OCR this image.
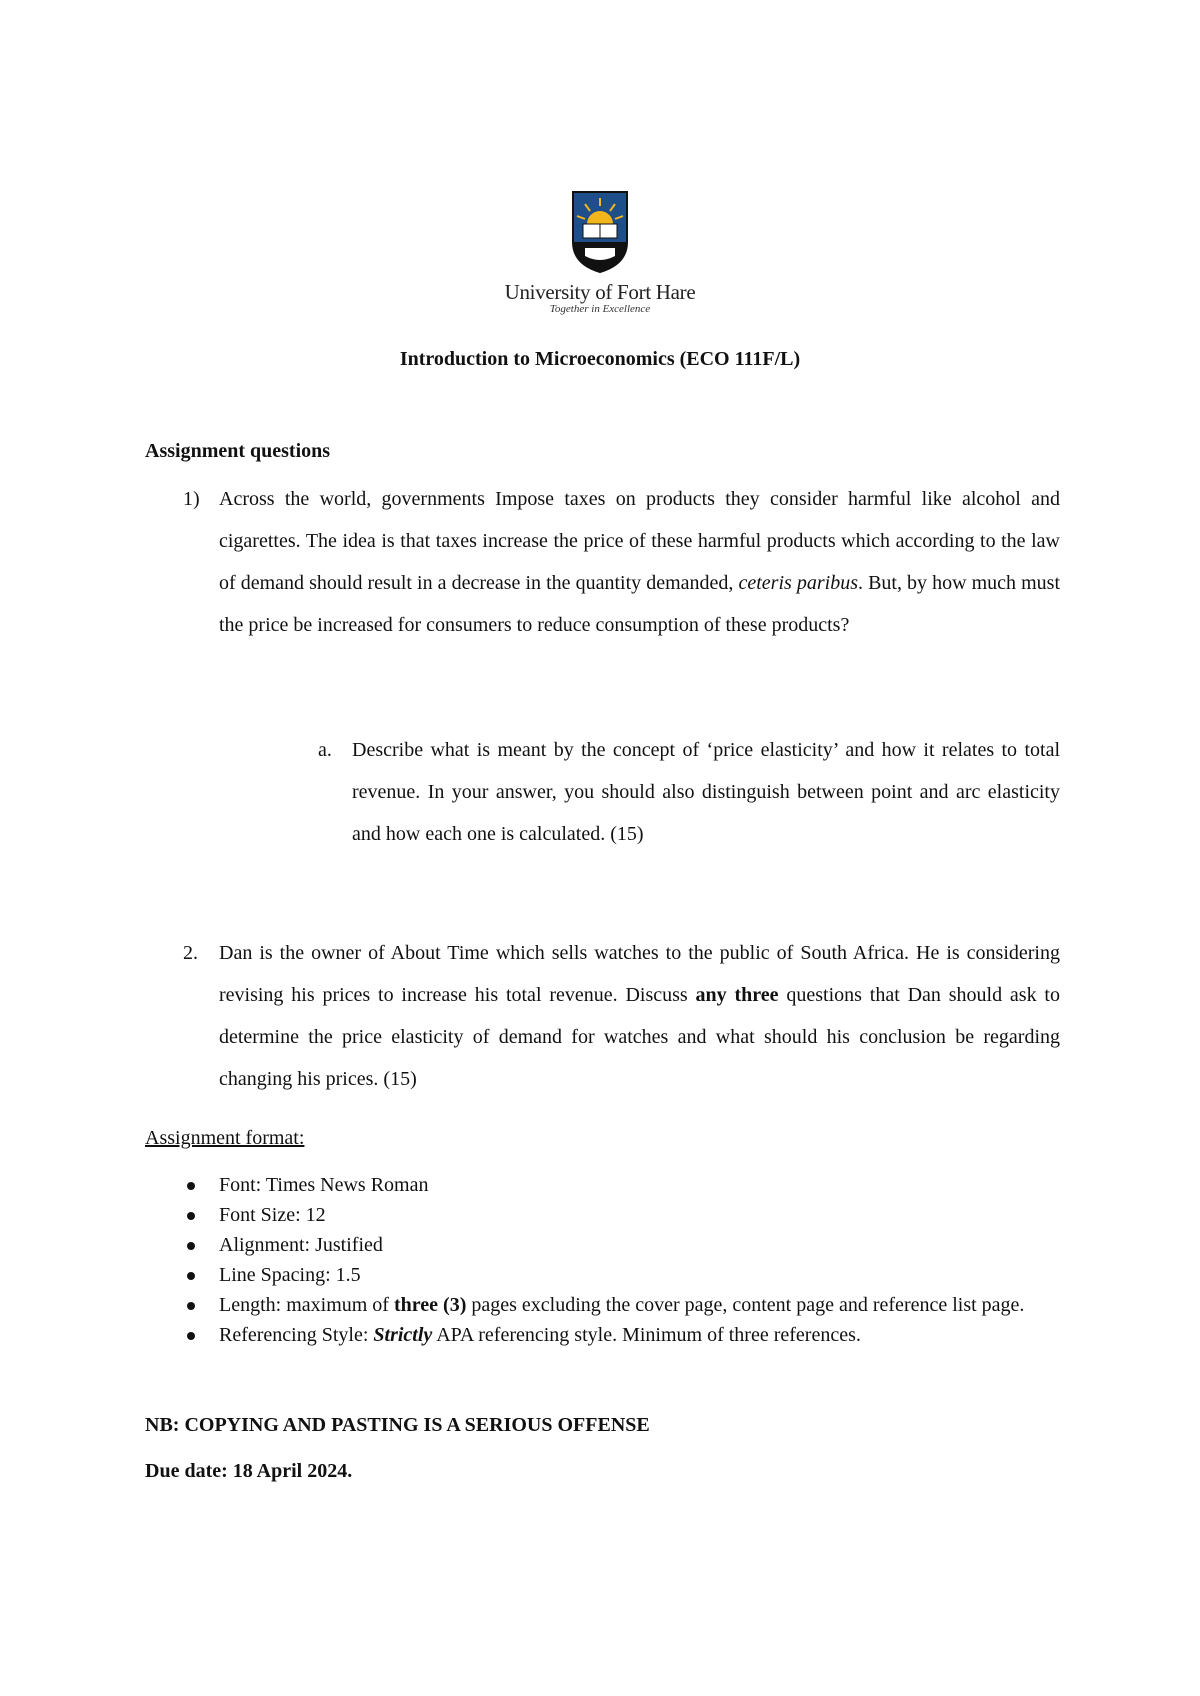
University of Fort Hare
Together in Excellence
Introduction to Microeconomics (ECO 111F/L)
Assignment questions
1) Across the world, governments Impose taxes on products they consider harmful like alcohol and cigarettes. The idea is that taxes increase the price of these harmful products which according to the law of demand should result in a decrease in the quantity demanded, ceteris paribus. But, by how much must the price be increased for consumers to reduce consumption of these products?
a. Describe what is meant by the concept of ‘price elasticity’ and how it relates to total revenue. In your answer, you should also distinguish between point and arc elasticity and how each one is calculated. (15)
2. Dan is the owner of About Time which sells watches to the public of South Africa. He is considering revising his prices to increase his total revenue. Discuss any three questions that Dan should ask to determine the price elasticity of demand for watches and what should his conclusion be regarding changing his prices. (15)
Assignment format:
Font: Times News Roman
Font Size: 12
Alignment: Justified
Line Spacing: 1.5
Length: maximum of three (3) pages excluding the cover page, content page and reference list page.
Referencing Style: Strictly APA referencing style. Minimum of three references.
NB: COPYING AND PASTING IS A SERIOUS OFFENSE
Due date: 18 April 2024.
